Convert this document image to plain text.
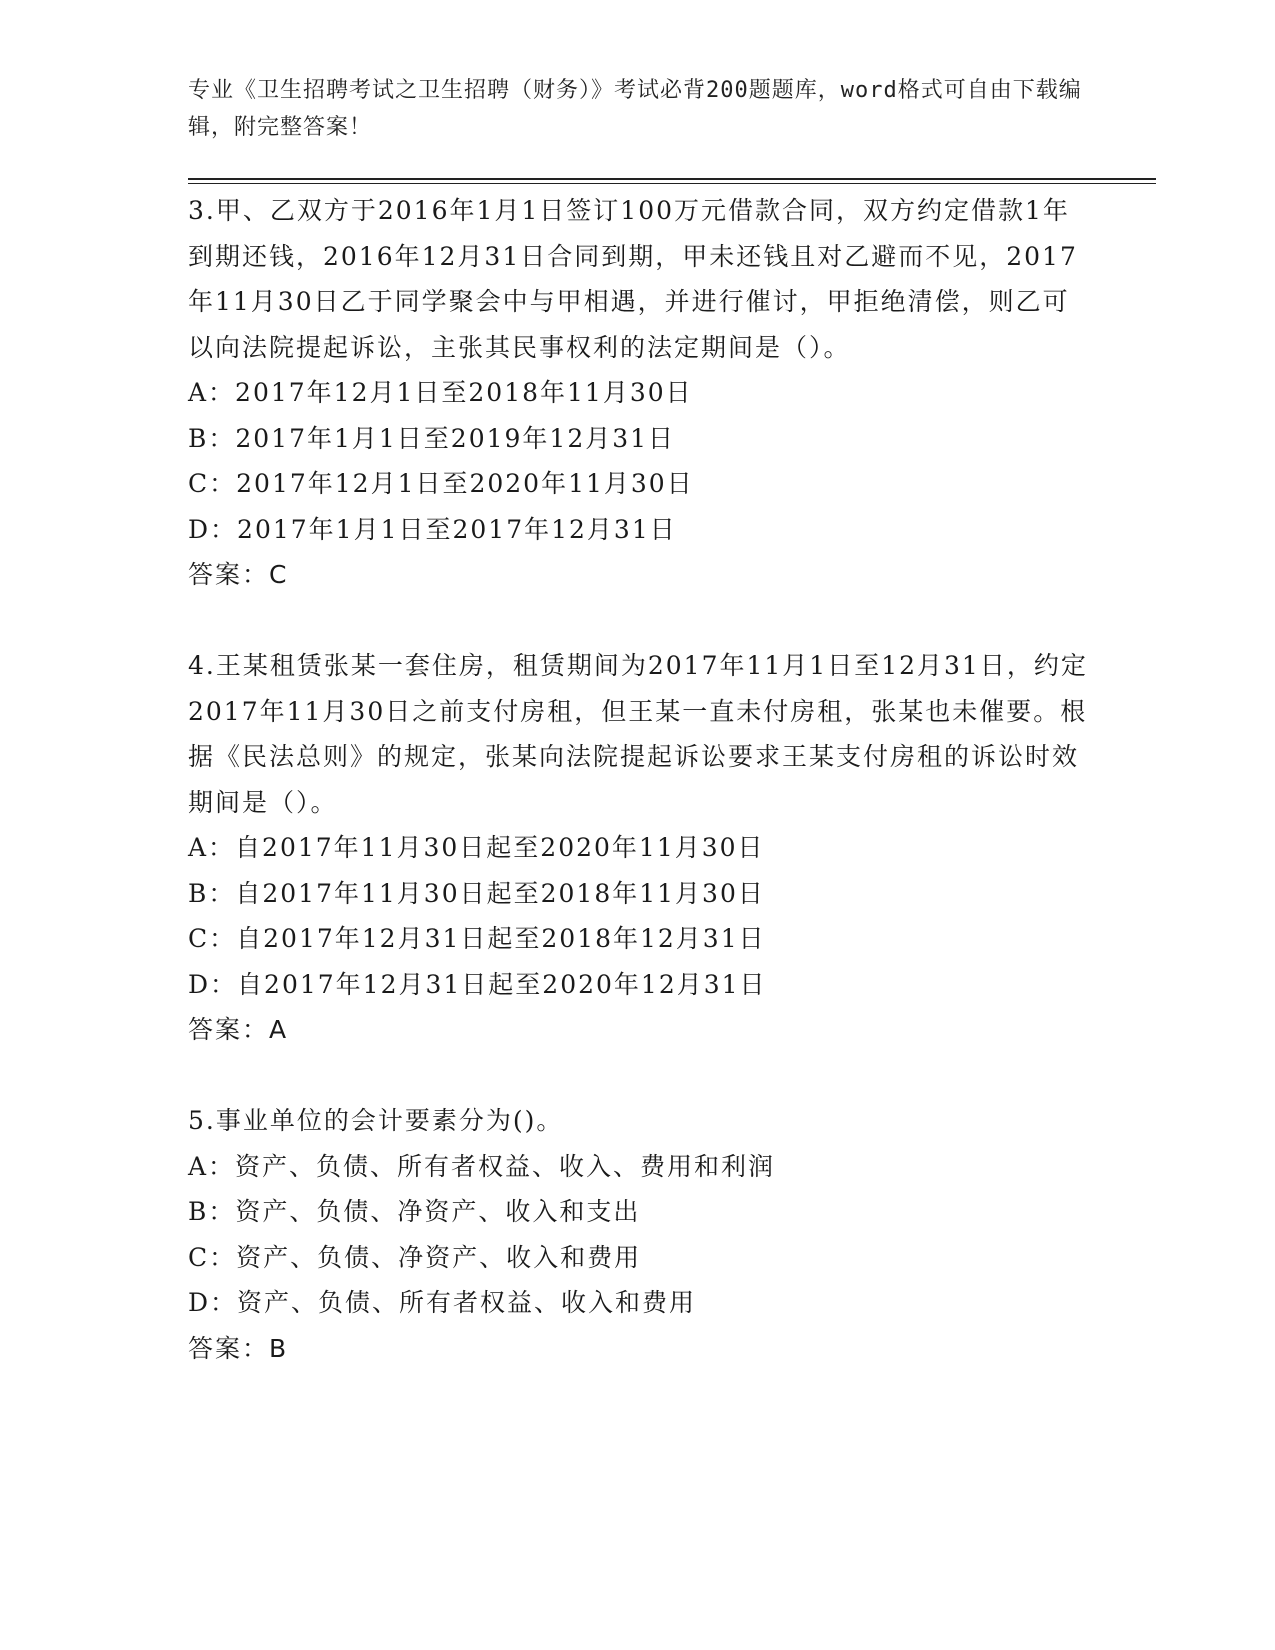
专业《卫生招聘考试之卫生招聘（财务）》考试必背200题题库，word格式可自由下载编辑，附完整答案！

3.甲、乙双方于2016年1月1日签订100万元借款合同，双方约定借款1年到期还钱，2016年12月31日合同到期，甲未还钱且对乙避而不见，2017年11月30日乙于同学聚会中与甲相遇，并进行催讨，甲拒绝清偿，则乙可以向法院提起诉讼，主张其民事权利的法定期间是（）。

A：2017年12月1日至2018年11月30日

B：2017年1月1日至2019年12月31日

C：2017年12月1日至2020年11月30日

D：2017年1月1日至2017年12月31日

答案：C

4.王某租赁张某一套住房，租赁期间为2017年11月1日至12月31日，约定2017年11月30日之前支付房租，但王某一直未付房租，张某也未催要。根据《民法总则》的规定，张某向法院提起诉讼要求王某支付房租的诉讼时效期间是（）。

A：自2017年11月30日起至2020年11月30日

B：自2017年11月30日起至2018年11月30日

C：自2017年12月31日起至2018年12月31日

D：自2017年12月31日起至2020年12月31日

答案：A

5.事业单位的会计要素分为()。

A：资产、负债、所有者权益、收入、费用和利润

B：资产、负债、净资产、收入和支出

C：资产、负债、净资产、收入和费用

D：资产、负债、所有者权益、收入和费用

答案：B
